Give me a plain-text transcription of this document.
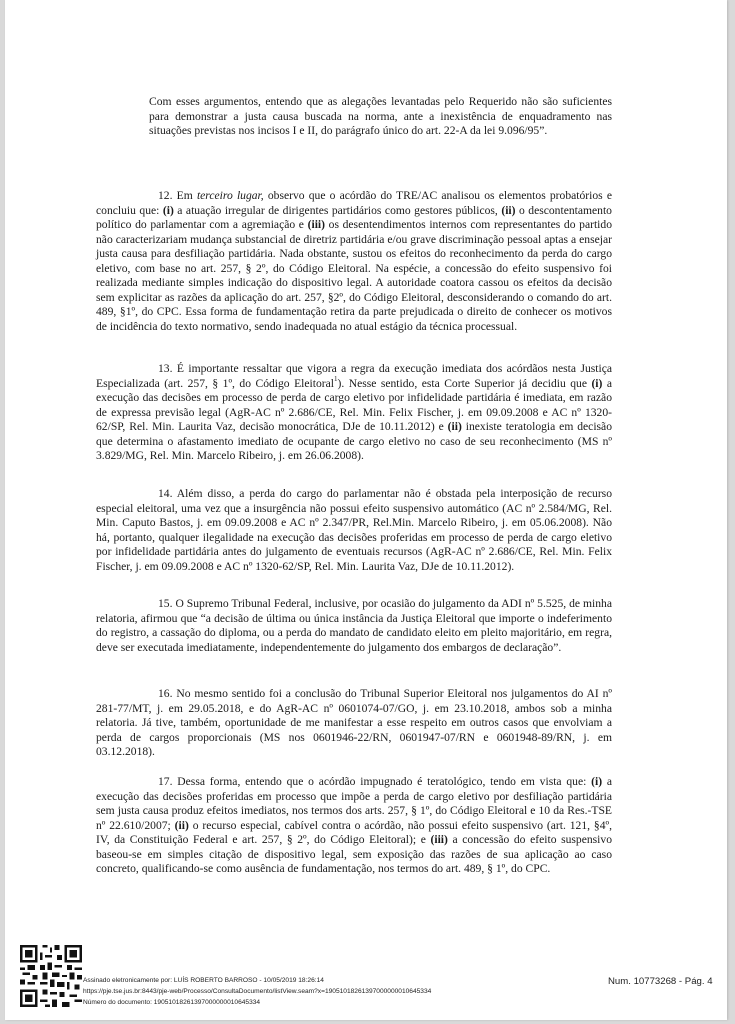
Com esses argumentos, entendo que as alegações levantadas pelo Requerido não são suficientes para demonstrar a justa causa buscada na norma, ante a inexistência de enquadramento nas situações previstas nos incisos I e II, do parágrafo único do art. 22-A da lei 9.096/95”.

12. Em terceiro lugar, observo que o acórdão do TRE/AC analisou os elementos probatórios e concluiu que: (i) a atuação irregular de dirigentes partidários como gestores públicos, (ii) o descontentamento político do parlamentar com a agremiação e (iii) os desentendimentos internos com representantes do partido não caracterizariam mudança substancial de diretriz partidária e/ou grave discriminação pessoal aptas a ensejar justa causa para desfiliação partidária. Nada obstante, sustou os efeitos do reconhecimento da perda do cargo eletivo, com base no art. 257, § 2º, do Código Eleitoral. Na espécie, a concessão do efeito suspensivo foi realizada mediante simples indicação do dispositivo legal. A autoridade coatora cassou os efeitos da decisão sem explicitar as razões da aplicação do art. 257, §2º, do Código Eleitoral, desconsiderando o comando do art. 489, §1º, do CPC. Essa forma de fundamentação retira da parte prejudicada o direito de conhecer os motivos de incidência do texto normativo, sendo inadequada no atual estágio da técnica processual.

13. É importante ressaltar que vigora a regra da execução imediata dos acórdãos nesta Justiça Especializada (art. 257, § 1º, do Código Eleitoral$^1$). Nesse sentido, esta Corte Superior já decidiu que (i) a execução das decisões em processo de perda de cargo eletivo por infidelidade partidária é imediata, em razão de expressa previsão legal (AgR-AC nº 2.686/CE, Rel. Min. Felix Fischer, j. em 09.09.2008 e AC nº 1320-62/SP, Rel. Min. Laurita Vaz, decisão monocrática, DJe de 10.11.2012) e (ii) inexiste teratologia em decisão que determina o afastamento imediato de ocupante de cargo eletivo no caso de seu reconhecimento (MS nº 3.829/MG, Rel. Min. Marcelo Ribeiro, j. em 26.06.2008).

14. Além disso, a perda do cargo do parlamentar não é obstada pela interposição de recurso especial eleitoral, uma vez que a insurgência não possui efeito suspensivo automático (AC nº 2.584/MG, Rel. Min. Caputo Bastos, j. em 09.09.2008 e AC nº 2.347/PR, Rel.Min. Marcelo Ribeiro, j. em 05.06.2008). Não há, portanto, qualquer ilegalidade na execução das decisões proferidas em processo de perda de cargo eletivo por infidelidade partidária antes do julgamento de eventuais recursos (AgR-AC nº 2.686/CE, Rel. Min. Felix Fischer, j. em 09.09.2008 e AC nº 1320-62/SP, Rel. Min. Laurita Vaz, DJe de 10.11.2012).

15. O Supremo Tribunal Federal, inclusive, por ocasião do julgamento da ADI nº 5.525, de minha relatoria, afirmou que “a decisão de última ou única instância da Justiça Eleitoral que importe o indeferimento do registro, a cassação do diploma, ou a perda do mandato de candidato eleito em pleito majoritário, em regra, deve ser executada imediatamente, independentemente do julgamento dos embargos de declaração”.

16. No mesmo sentido foi a conclusão do Tribunal Superior Eleitoral nos julgamentos do AI nº 281-77/MT, j. em 29.05.2018, e do AgR-AC nº 0601074-07/GO, j. em 23.10.2018, ambos sob a minha relatoria. Já tive, também, oportunidade de me manifestar a esse respeito em outros casos que envolviam a perda de cargos proporcionais (MS nos 0601946-22/RN, 0601947-07/RN e 0601948-89/RN, j. em 03.12.2018).

17. Dessa forma, entendo que o acórdão impugnado é teratológico, tendo em vista que: (i) a execução das decisões proferidas em processo que impõe a perda de cargo eletivo por desfiliação partidária sem justa causa produz efeitos imediatos, nos termos dos arts. 257, § 1º, do Código Eleitoral e 10 da Res.-TSE nº 22.610/2007; (ii) o recurso especial, cabível contra o acórdão, não possui efeito suspensivo (art. 121, §4º, IV, da Constituição Federal e art. 257, § 2º, do Código Eleitoral); e (iii) a concessão do efeito suspensivo baseou-se em simples citação de dispositivo legal, sem exposição das razões de sua aplicação ao caso concreto, qualificando-se como ausência de fundamentação, nos termos do art. 489, § 1º, do CPC.

Assinado eletronicamente por: LUÍS ROBERTO BARROSO - 10/05/2019 18:26:14
https://pje.tse.jus.br:8443/pje-web/Processo/ConsultaDocumento/listView.seam?x=19051018261397000000010645334
Número do documento: 19051018261397000000010645334
Num. 10773268 - Pág. 4
